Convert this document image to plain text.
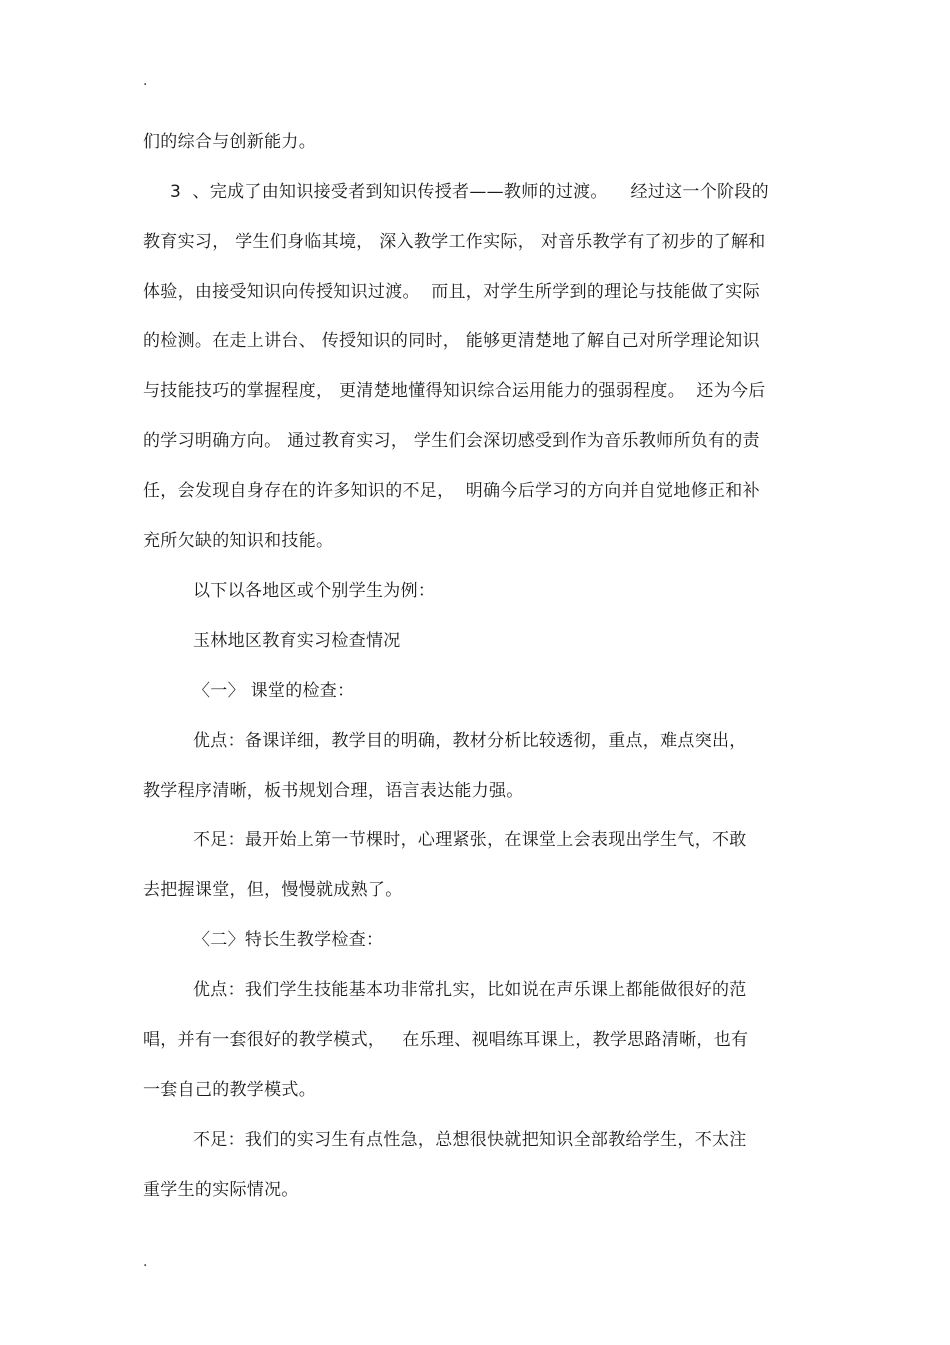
.
们的综合与创新能力。
3  、完成了由知识接受者到知识传授者——教师的过渡。    经过这一个阶段的
教育实习， 学生们身临其境， 深入教学工作实际， 对音乐教学有了初步的了解和
体验，由接受知识向传授知识过渡。  而且，对学生所学到的理论与技能做了实际
的检测。在走上讲台、 传授知识的同时， 能够更清楚地了解自己对所学理论知识
与技能技巧的掌握程度， 更清楚地懂得知识综合运用能力的强弱程度。  还为今后
的学习明确方向。 通过教育实习， 学生们会深切感受到作为音乐教师所负有的责
任，会发现自身存在的许多知识的不足，  明确今后学习的方向并自觉地修正和补
充所欠缺的知识和技能。
以下以各地区或个别学生为例：
玉林地区教育实习检查情况
〈一〉 课堂的检查：
优点：备课详细，教学目的明确，教材分析比较透彻，重点，难点突出，
教学程序清晰，板书规划合理，语言表达能力强。
不足：最开始上第一节棵时，心理紧张，在课堂上会表现出学生气，不敢
去把握课堂，但，慢慢就成熟了。
〈二〉特长生教学检查：
优点：我们学生技能基本功非常扎实，比如说在声乐课上都能做很好的范
唱，并有一套很好的教学模式，   在乐理、视唱练耳课上，教学思路清晰，也有
一套自己的教学模式。
不足：我们的实习生有点性急，总想很快就把知识全部教给学生，不太注
重学生的实际情况。
.
